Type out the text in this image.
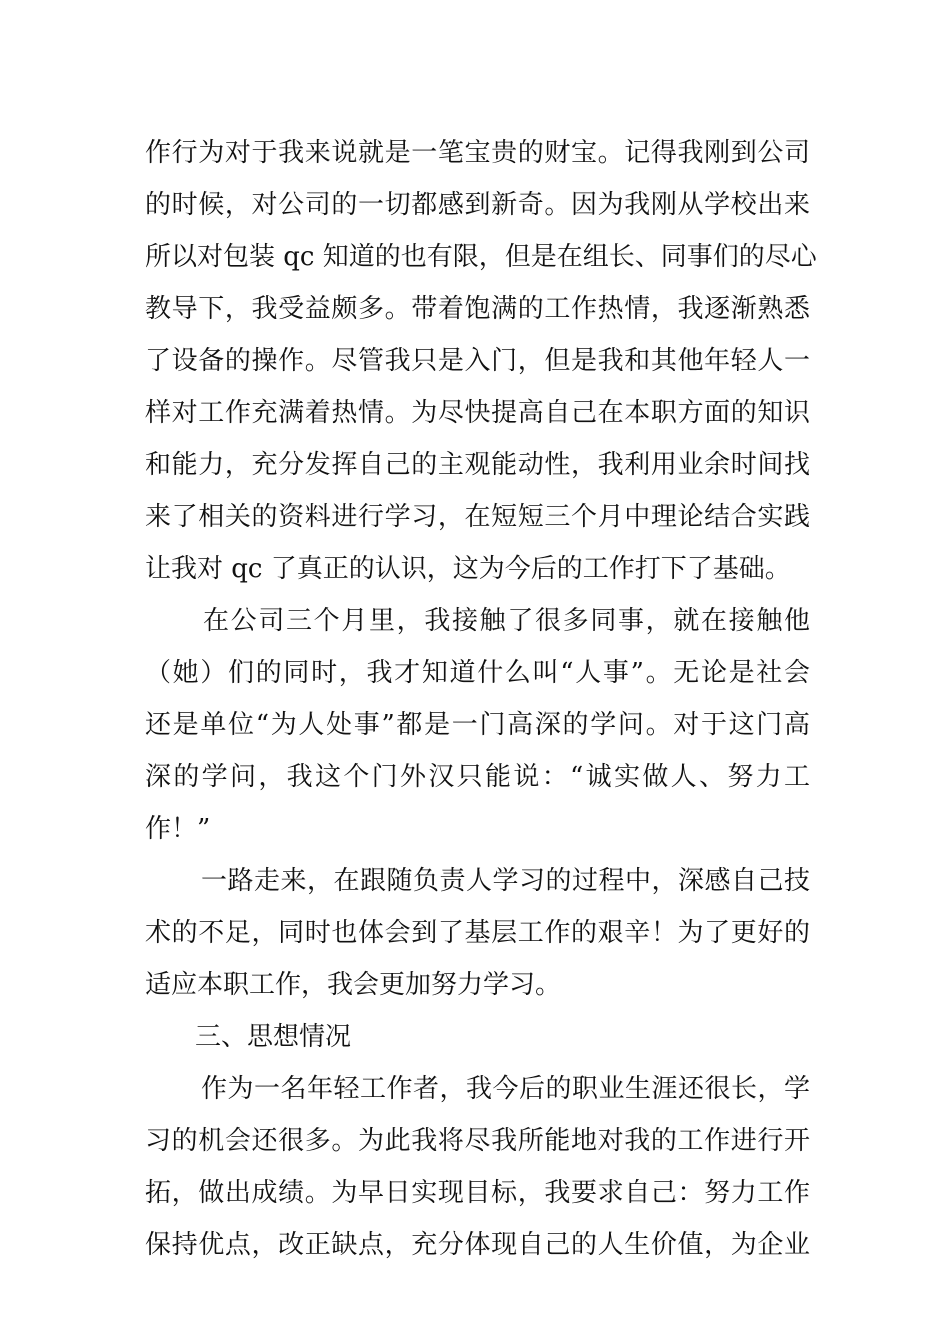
作行为对于我来说就是一笔宝贵的财宝。记得我刚到公司
的时候，对公司的一切都感到新奇。因为我刚从学校出来
所以对包装 qc 知道的也有限，但是在组长、同事们的尽心
教导下，我受益颇多。带着饱满的工作热情，我逐渐熟悉
了设备的操作。尽管我只是入门，但是我和其他年轻人一
样对工作充满着热情。为尽快提高自己在本职方面的知识
和能力，充分发挥自己的主观能动性，我利用业余时间找
来了相关的资料进行学习，在短短三个月中理论结合实践
让我对 qc 了真正的认识，这为今后的工作打下了基础。
在公司三个月里，我接触了很多同事，就在接触他
（她）们的同时，我才知道什么叫“人事”。无论是社会
还是单位“为人处事”都是一门高深的学问。对于这门高
深的学问，我这个门外汉只能说：“诚实做人、努力工
作！”
一路走来，在跟随负责人学习的过程中，深感自己技
术的不足，同时也体会到了基层工作的艰辛！为了更好的
适应本职工作，我会更加努力学习。
三、思想情况
作为一名年轻工作者，我今后的职业生涯还很长，学
习的机会还很多。为此我将尽我所能地对我的工作进行开
拓，做出成绩。为早日实现目标，我要求自己：努力工作
保持优点，改正缺点，充分体现自己的人生价值，为企业
